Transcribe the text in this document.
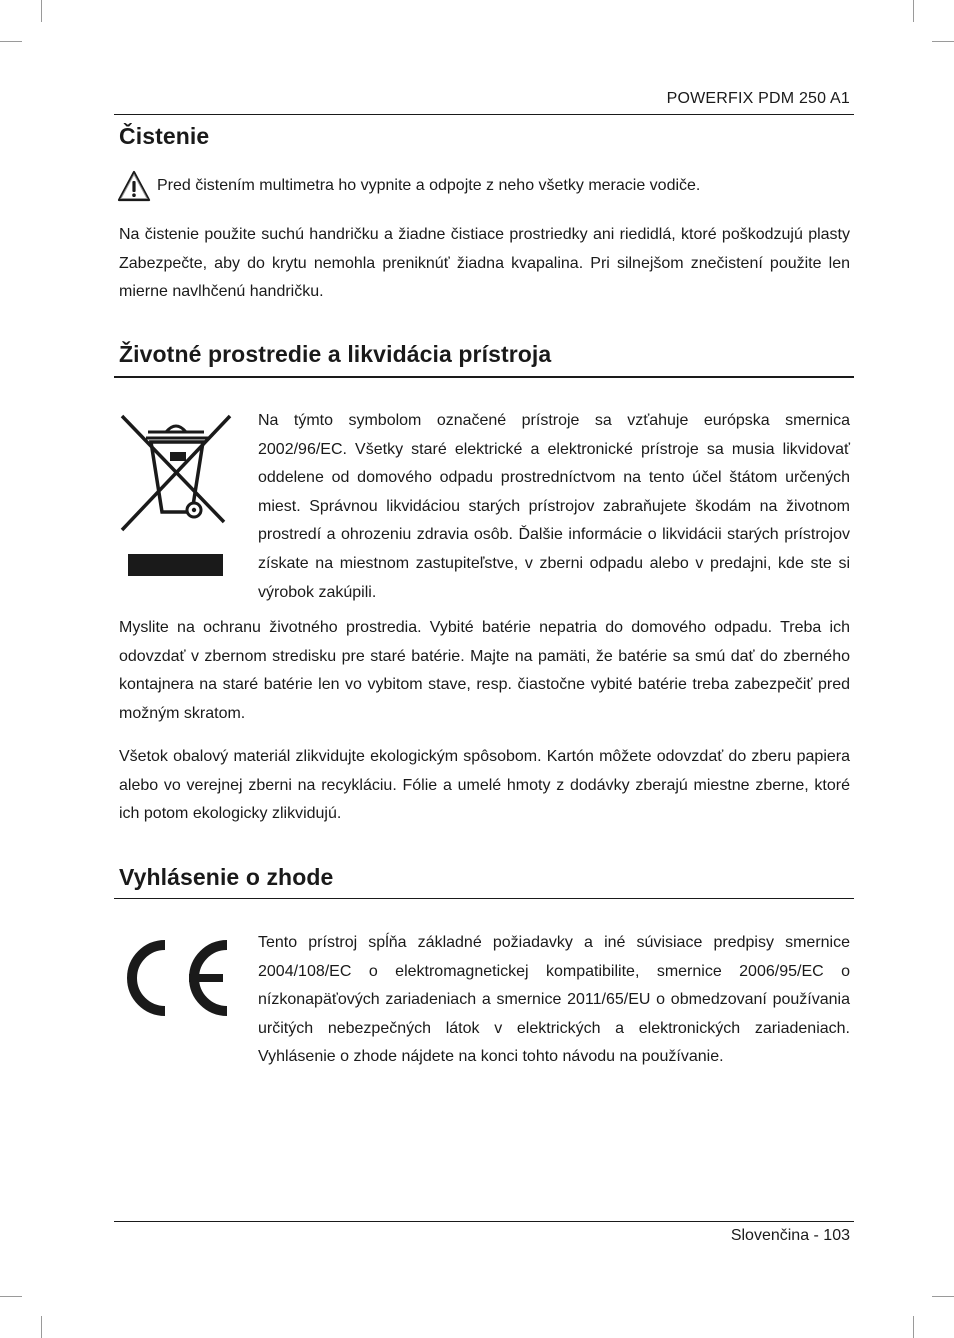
POWERFIX PDM 250 A1
Čistenie
Pred čistením multimetra ho vypnite a odpojte z neho všetky meracie vodiče.

Na čistenie použite suchú handričku a žiadne čistiace prostriedky ani riedidlá, ktoré poškodzujú plasty Zabezpečte, aby do krytu nemohla preniknúť žiadna kvapalina. Pri silnejšom znečistení použite len mierne navlhčenú handričku.

Životné prostredie a likvidácia prístroja

Na týmto symbolom označené prístroje sa vzťahuje európska smernica 2002/96/EC. Všetky staré elektrické a elektronické prístroje sa musia likvidovať oddelene od domového odpadu prostredníctvom na tento účel štátom určených miest. Správnou likvidáciou starých prístrojov zabraňujete škodám na životnom prostredí a ohrozeniu zdravia osôb. Ďalšie informácie o likvidácii starých prístrojov získate na miestnom zastupiteľstve, v zberni odpadu alebo v predajni, kde ste si výrobok zakúpili.

Myslite na ochranu životného prostredia. Vybité batérie nepatria do domového odpadu. Treba ich odovzdať v zbernom stredisku pre staré batérie. Majte na pamäti, že batérie sa smú dať do zberného kontajnera na staré batérie len vo vybitom stave, resp. čiastočne vybité batérie treba zabezpečiť pred možným skratom.

Všetok obalový materiál zlikvidujte ekologickým spôsobom. Kartón môžete odovzdať do zberu papiera alebo vo verejnej zberni na recykláciu. Fólie a umelé hmoty z dodávky zberajú miestne zberne, ktoré ich potom ekologicky zlikvidujú.

Vyhlásenie o zhode

Tento prístroj spĺňa základné požiadavky a iné súvisiace predpisy smernice 2004/108/EC o elektromagnetickej kompatibilite, smernice 2006/95/EC o nízkonapäťových zariadeniach a smernice 2011/65/EU o obmedzovaní používania určitých nebezpečných látok v elektrických a elektronických zariadeniach. Vyhlásenie o zhode nájdete na konci tohto návodu na používanie.

Slovenčina - 103
